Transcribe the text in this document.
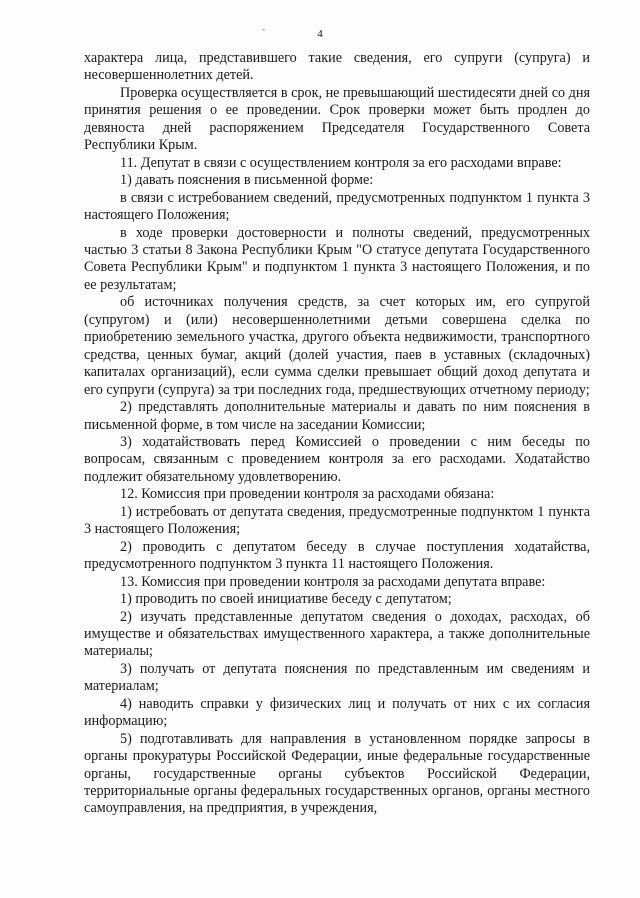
-	4

характера лица, представившего такие сведения, его супруги (супруга) и несовершеннолетних детей.

Проверка осуществляется в срок, не превышающий шестидесяти дней со дня принятия решения о ее проведении. Срок проверки может быть продлен до девяноста дней распоряжением Председателя Государственного Совета Республики Крым.

11. Депутат в связи с осуществлением контроля за его расходами вправе:

1) давать пояснения в письменной форме:

в связи с истребованием сведений, предусмотренных подпунктом 1 пункта 3 настоящего Положения;

в ходе проверки достоверности и полноты сведений, предусмотренных частью 3 статьи 8 Закона Республики Крым "О статусе депутата Государственного Совета Республики Крым" и подпунктом 1 пункта 3 настоящего Положения, и по ее результатам;

об источниках получения средств, за счет которых им, его супругой (супругом) и (или) несовершеннолетними детьми совершена сделка по приобретению земельного участка, другого объекта недвижимости, транспортного средства, ценных бумаг, акций (долей участия, паев в уставных (складочных) капиталах организаций), если сумма сделки превышает общий доход депутата и его супруги (супруга) за три последних года, предшествующих отчетному периоду;

2) представлять дополнительные материалы и давать по ним пояснения в письменной форме, в том числе на заседании Комиссии;

3) ходатайствовать перед Комиссией о проведении с ним беседы по вопросам, связанным с проведением контроля за его расходами. Ходатайство подлежит обязательному удовлетворению.

12. Комиссия при проведении контроля за расходами обязана:

1) истребовать от депутата сведения, предусмотренные подпунктом 1 пункта 3 настоящего Положения;

2) проводить с депутатом беседу в случае поступления ходатайства, предусмотренного подпунктом 3 пункта 11 настоящего Положения.

13. Комиссия при проведении контроля за расходами депутата вправе:

1) проводить по своей инициативе беседу с депутатом;

2) изучать представленные депутатом сведения о доходах, расходах, об имуществе и обязательствах имущественного характера, а также дополнительные материалы;

3) получать от депутата пояснения по представленным им сведениям и материалам;

4) наводить справки у физических лиц и получать от них с их согласия информацию;

5) подготавливать для направления в установленном порядке запросы в органы прокуратуры Российской Федерации, иные федеральные государственные органы, государственные органы субъектов Российской Федерации, территориальные органы федеральных государственных органов, органы местного самоуправления, на предприятия, в учреждения,
